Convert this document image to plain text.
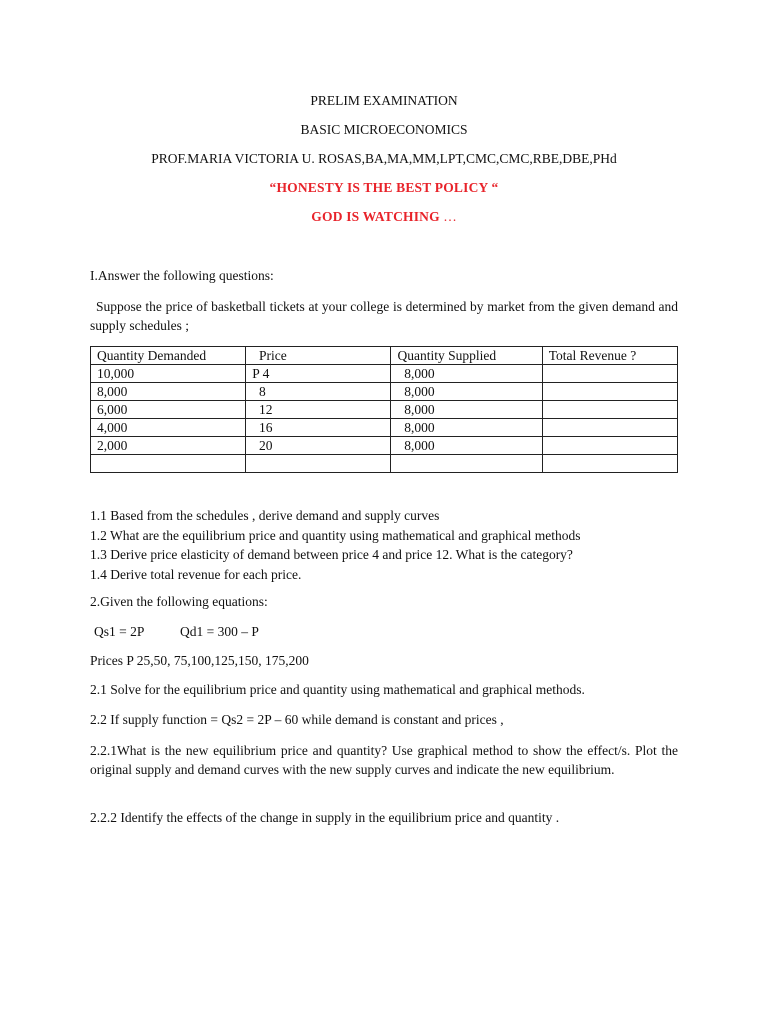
PRELIM EXAMINATION
BASIC MICROECONOMICS
PROF.MARIA VICTORIA U. ROSAS,BA,MA,MM,LPT,CMC,CMC,RBE,DBE,PHd
“HONESTY IS THE BEST POLICY “
GOD IS WATCHING …
I.Answer the following questions:
Suppose the price of basketball tickets at your college is determined by market from the given demand and supply schedules ;
Quantity Demanded	Price	Quantity Supplied	Total Revenue ?
10,000	P 4	8,000	
8,000	8	8,000	
6,000	12	8,000	
4,000	16	8,000	
2,000	20	8,000	

1.1 Based from the schedules , derive demand and supply curves
1.2 What are the equilibrium price and quantity using mathematical and graphical methods
1.3 Derive price elasticity of demand between price 4 and price 12. What is the category?
1.4 Derive total revenue for each price.
2.Given the following equations:
Qs1 = 2P	Qd1 = 300 – P
Prices P 25,50, 75,100,125,150, 175,200
2.1 Solve for the equilibrium price and quantity using mathematical and graphical methods.
2.2 If supply function = Qs2 = 2P – 60 while demand is constant and prices ,
2.2.1What is the new equilibrium price and quantity? Use graphical method to show the effect/s. Plot the original supply and demand curves with the new supply curves and indicate the new equilibrium.
2.2.2 Identify the effects of the change in supply in the equilibrium price and quantity .
